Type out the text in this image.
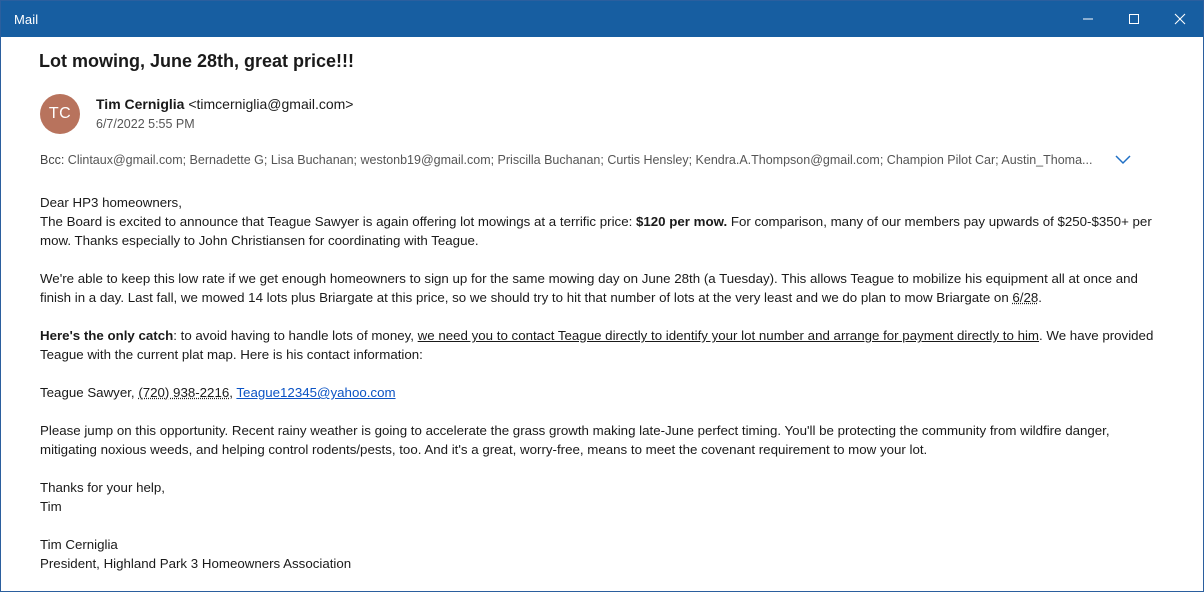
Mail
Lot mowing, June 28th, great price!!!
TC
Tim Cerniglia <timcerniglia@gmail.com>
6/7/2022 5:55 PM
Bcc: Clintaux@gmail.com; Bernadette G; Lisa Buchanan; westonb19@gmail.com; Priscilla Buchanan; Curtis Hensley; Kendra.A.Thompson@gmail.com; Champion Pilot Car; Austin_Thoma...

Dear HP3 homeowners,

The Board is excited to announce that Teague Sawyer is again offering lot mowings at a terrific price: $120 per mow. For comparison, many of our members pay upwards of $250-$350+ per mow. Thanks especially to John Christiansen for coordinating with Teague.

We're able to keep this low rate if we get enough homeowners to sign up for the same mowing day on June 28th (a Tuesday). This allows Teague to mobilize his equipment all at once and finish in a day. Last fall, we mowed 14 lots plus Briargate at this price, so we should try to hit that number of lots at the very least and we do plan to mow Briargate on 6/28.

Here's the only catch: to avoid having to handle lots of money, we need you to contact Teague directly to identify your lot number and arrange for payment directly to him. We have provided Teague with the current plat map. Here is his contact information:

Teague Sawyer, (720) 938-2216, Teague12345@yahoo.com

Please jump on this opportunity. Recent rainy weather is going to accelerate the grass growth making late-June perfect timing. You'll be protecting the community from wildfire danger, mitigating noxious weeds, and helping control rodents/pests, too. And it's a great, worry-free, means to meet the covenant requirement to mow your lot.

Thanks for your help,

Tim

Tim Cerniglia

President, Highland Park 3 Homeowners Association
